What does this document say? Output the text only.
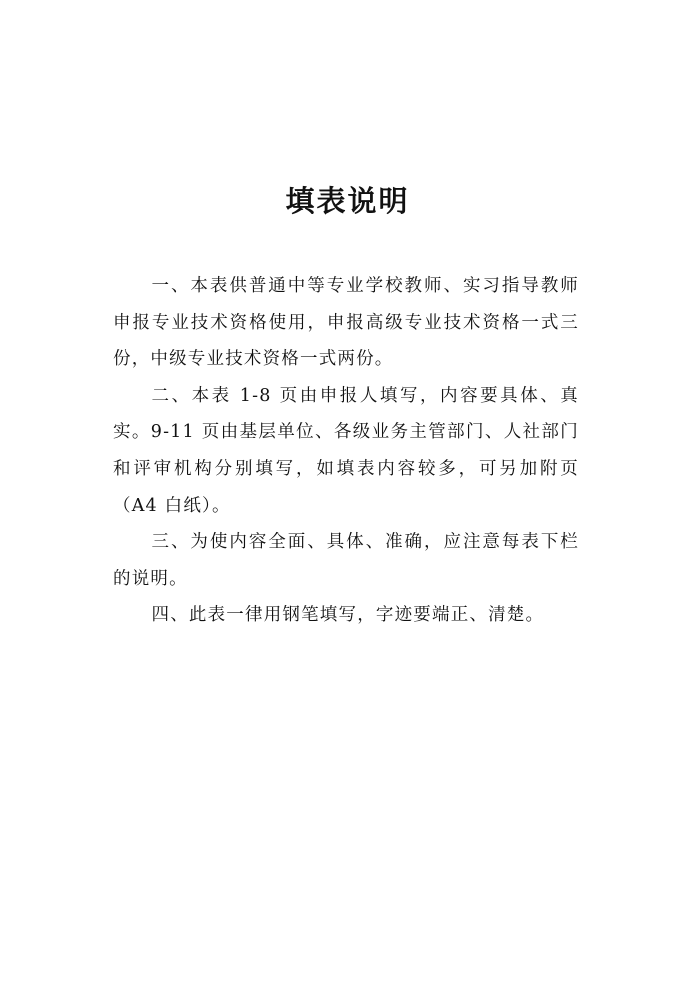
填表说明

一、本表供普通中等专业学校教师、实习指导教师申报专业技术资格使用，申报高级专业技术资格一式三份，中级专业技术资格一式两份。

二、本表 1-8 页由申报人填写，内容要具体、真实。9-11 页由基层单位、各级业务主管部门、人社部门和评审机构分别填写，如填表内容较多，可另加附页（A4 白纸）。

三、为使内容全面、具体、准确，应注意每表下栏的说明。

四、此表一律用钢笔填写，字迹要端正、清楚。
